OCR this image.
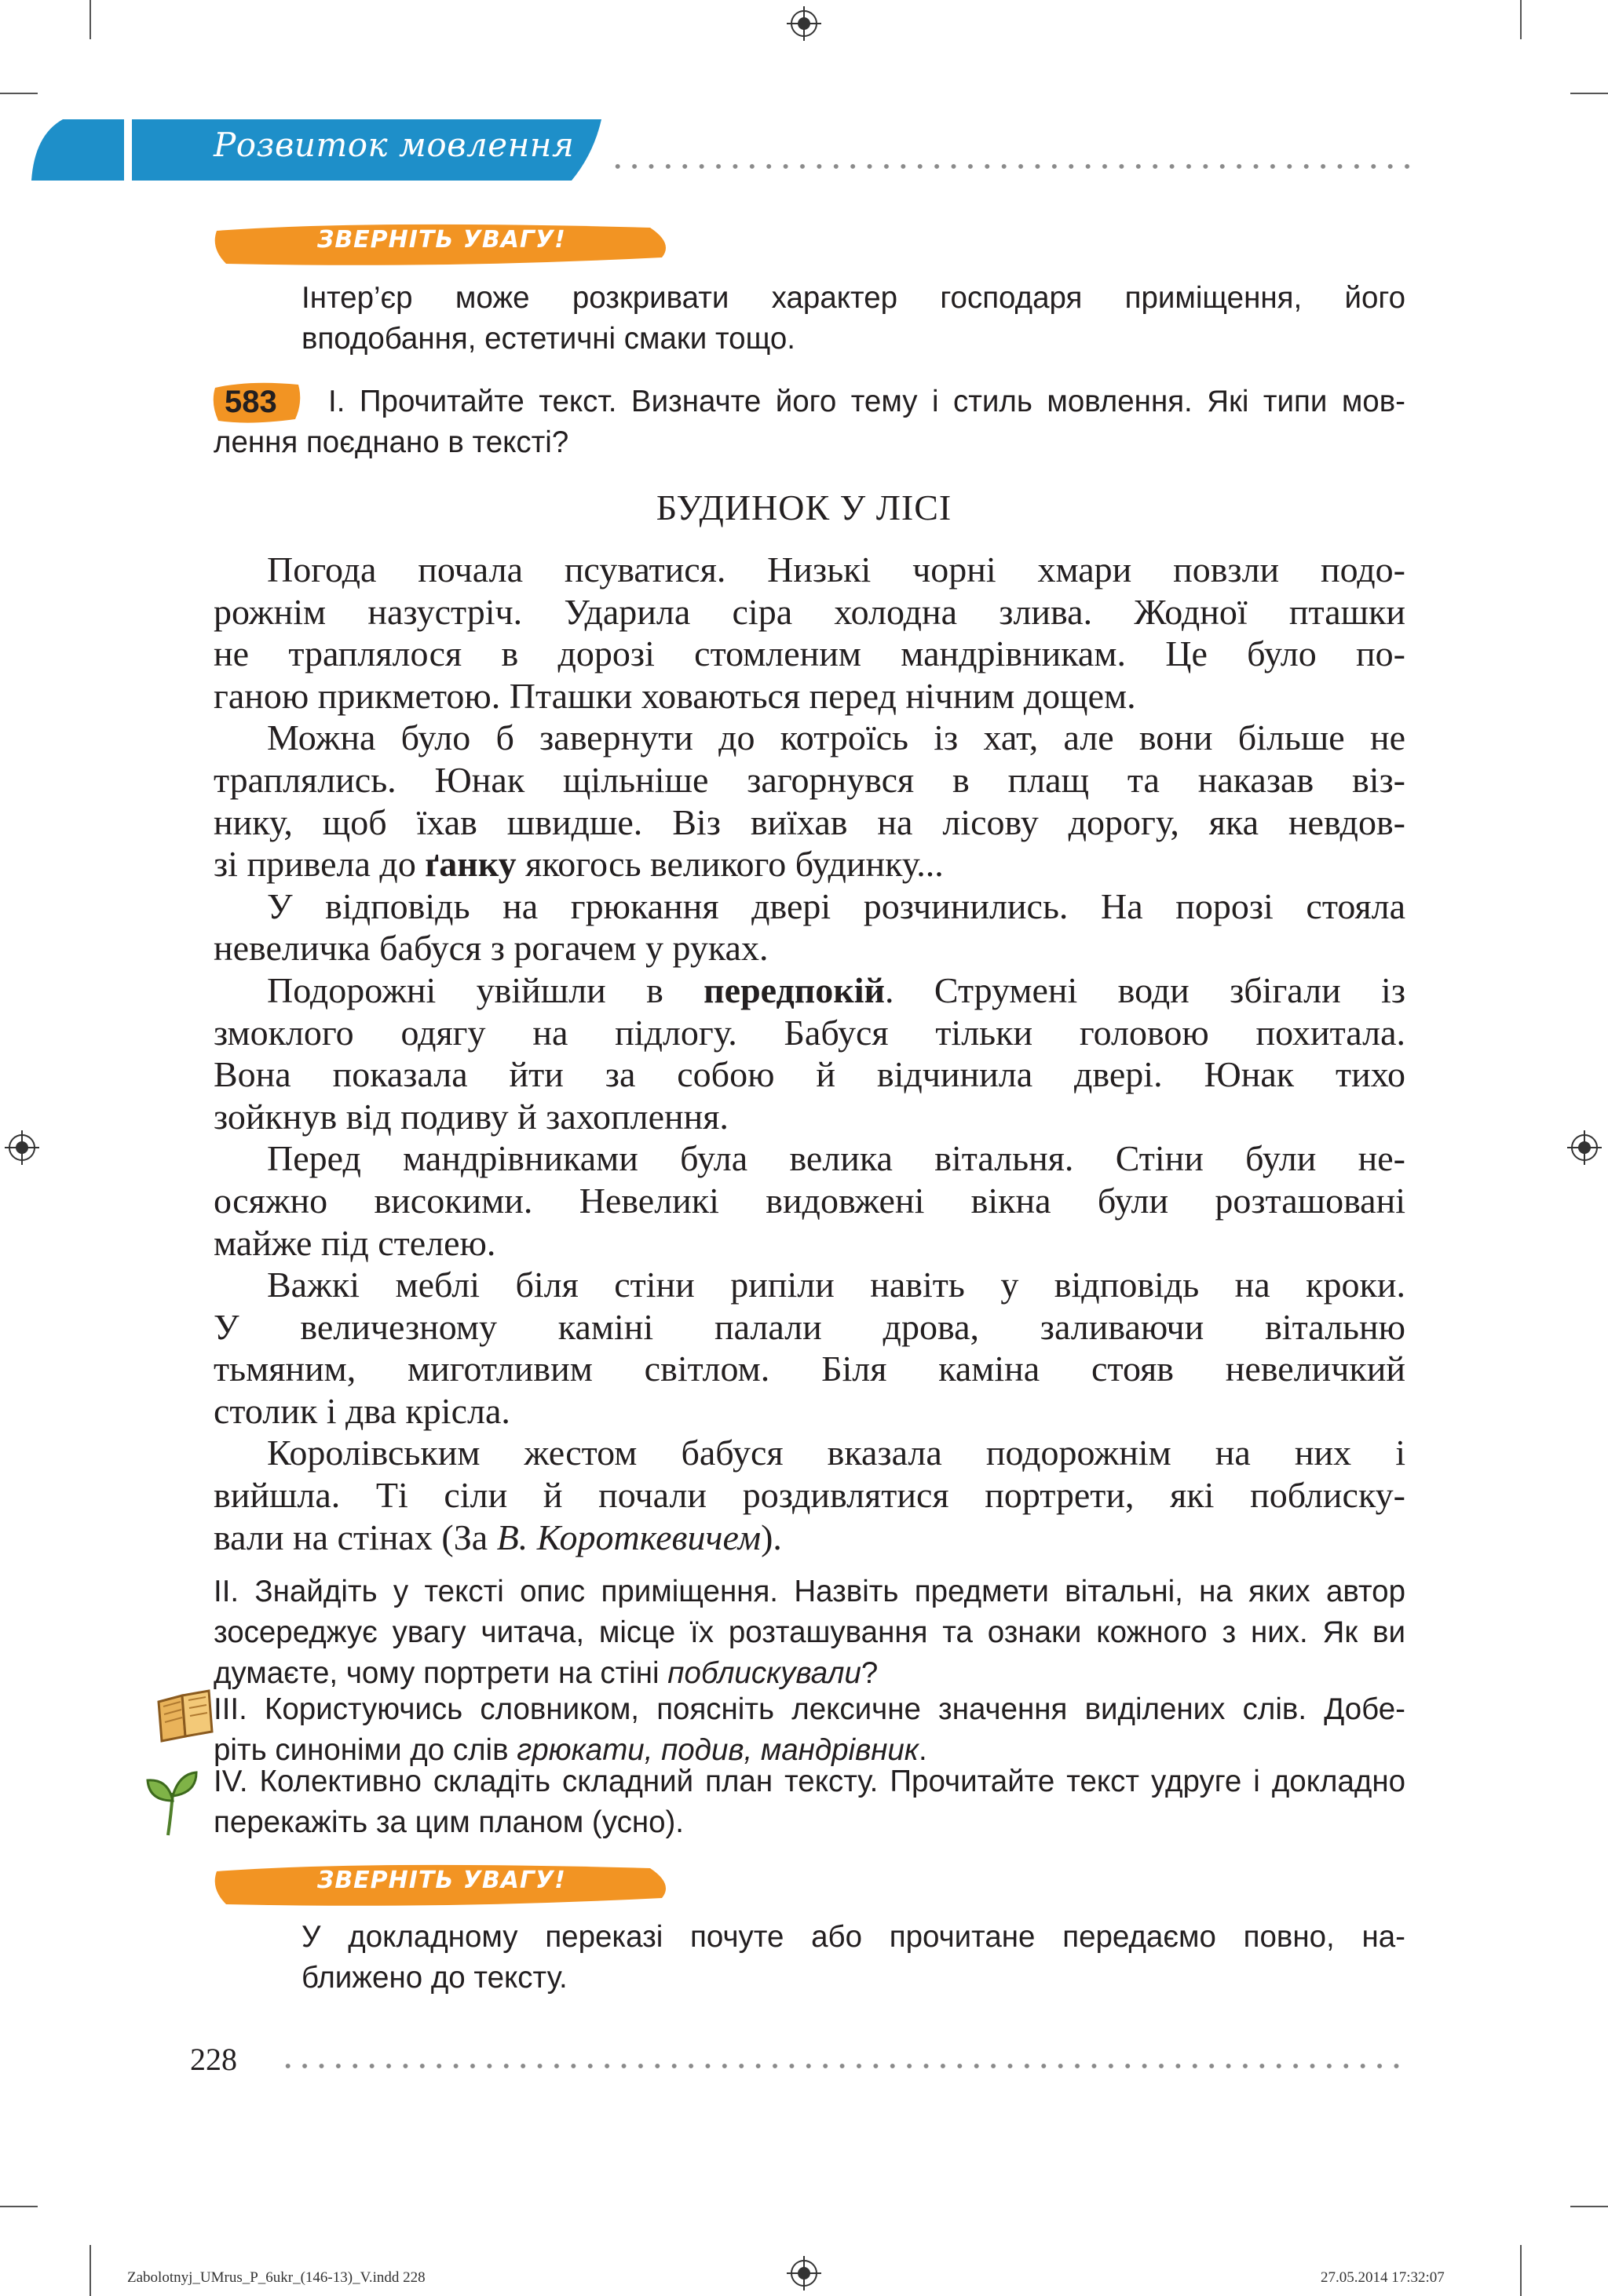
Розвиток мовлення
ЗВЕРНІТЬ УВАГУ!
Інтер’єр може розкривати характер господаря приміщення, його
вподобання, естетичні смаки тощо.
583	І. Прочитайте текст. Визначте його тему і стиль мовлення. Які типи мов-
лення поєднано в тексті?
БУДИНОК У ЛІСІ
Погода почала псуватися. Низькі чорні хмари повзли подо-
рожнім назустріч. Ударила сіра холодна злива. Жодної пташки
не траплялося в дорозі стомленим мандрівникам. Це було по-
ганою прикметою. Пташки ховаються перед нічним дощем.
Можна було б завернути до котроїсь із хат, але вони більше не
траплялись. Юнак щільніше загорнувся в плащ та наказав віз-
нику, щоб їхав швидше. Віз виїхав на лісову дорогу, яка невдов-
зі привела до ґанку якогось великого будинку...
У відповідь на грюкання двері розчинились. На порозі стояла
невеличка бабуся з рогачем у руках.
Подорожні увійшли в передпокій. Струмені води збігали із
змоклого одягу на підлогу. Бабуся тільки головою похитала.
Вона показала йти за собою й відчинила двері. Юнак тихо
зойкнув від подиву й захоплення.
Перед мандрівниками була велика вітальня. Стіни були не-
осяжно високими. Невеликі видовжені вікна були розташовані
майже під стелею.
Важкі меблі біля стіни рипіли навіть у відповідь на кроки.
У величезному каміні палали дрова, заливаючи вітальню
тьмяним, миготливим світлом. Біля каміна стояв невеличкий
столик і два крісла.
Королівським жестом бабуся вказала подорожнім на них і
вийшла. Ті сіли й почали роздивлятися портрети, які поблиску-
вали на стінах (За В. Короткевичем).
ІІ. Знайдіть у тексті опис приміщення. Назвіть предмети вітальні, на яких автор
зосереджує увагу читача, місце їх розташування та ознаки кожного з них. Як ви
думаєте, чому портрети на стіні поблискували?
ІІІ. Користуючись словником, поясніть лексичне значення виділених слів. Добе-
ріть синоніми до слів грюкати, подив, мандрівник.
IV. Колективно складіть складний план тексту. Прочитайте текст удруге і докладно
перекажіть за цим планом (усно).
ЗВЕРНІТЬ УВАГУ!
У докладному переказі почуте або прочитане передаємо повно, на-
ближено до тексту.
228
Zabolotnyj_UMrus_P_6ukr_(146-13)_V.indd 228	27.05.2014 17:32:07
